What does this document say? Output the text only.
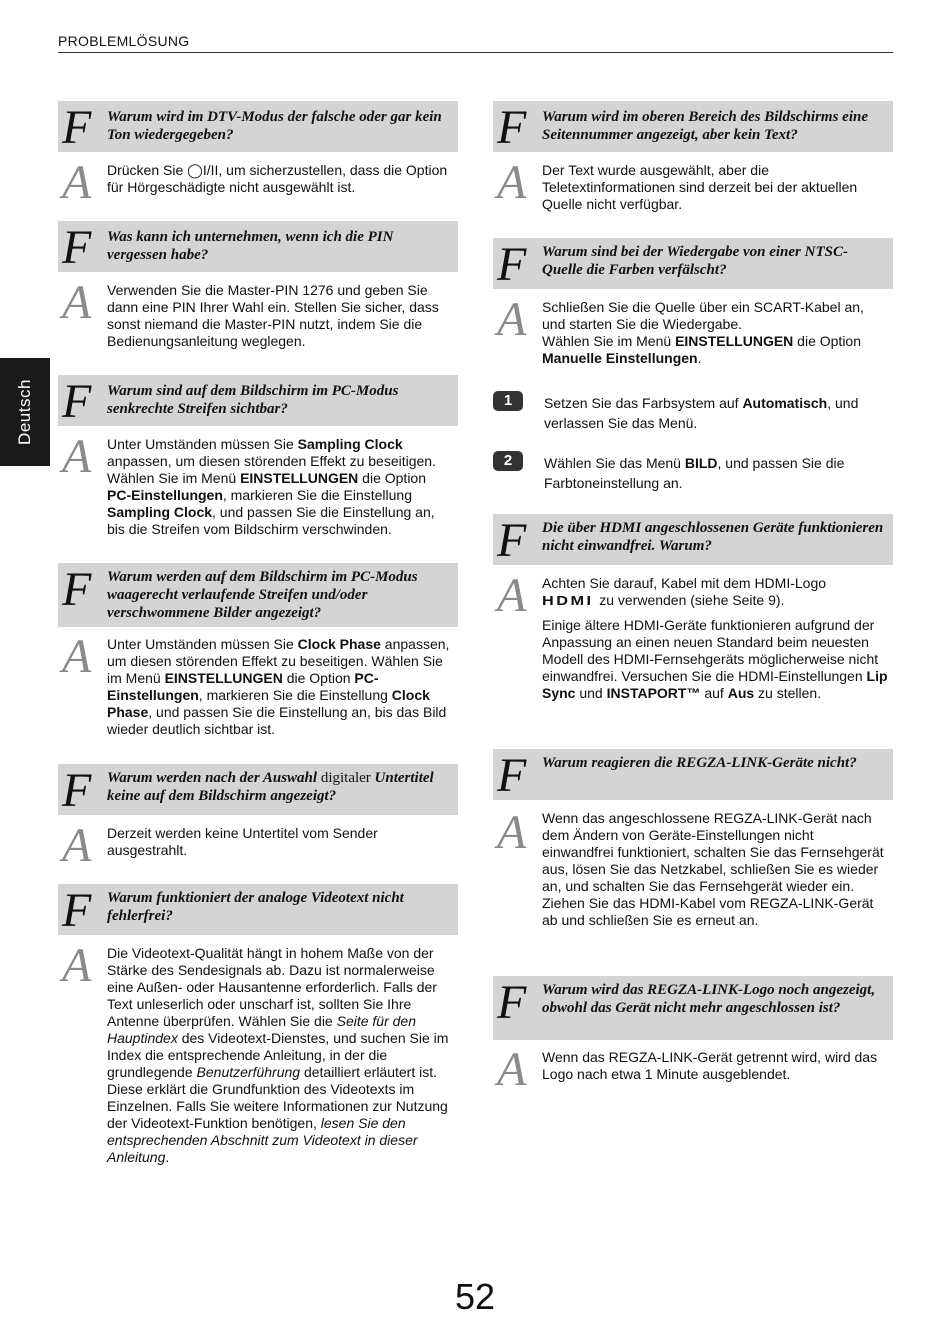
PROBLEMLÖSUNG
Deutsch
F Warum wird im DTV-Modus der falsche oder gar kein Ton wiedergegeben?
A Drücken Sie ◯I/II, um sicherzustellen, dass die Option für Hörgeschädigte nicht ausgewählt ist.
F Was kann ich unternehmen, wenn ich die PIN vergessen habe?
A Verwenden Sie die Master-PIN 1276 und geben Sie dann eine PIN Ihrer Wahl ein. Stellen Sie sicher, dass sonst niemand die Master-PIN nutzt, indem Sie die Bedienungsanleitung weglegen.
F Warum sind auf dem Bildschirm im PC-Modus senkrechte Streifen sichtbar?
A Unter Umständen müssen Sie Sampling Clock anpassen, um diesen störenden Effekt zu beseitigen. Wählen Sie im Menü EINSTELLUNGEN die Option PC-Einstellungen, markieren Sie die Einstellung Sampling Clock, und passen Sie die Einstellung an, bis die Streifen vom Bildschirm verschwinden.
F Warum werden auf dem Bildschirm im PC-Modus waagerecht verlaufende Streifen und/oder verschwommene Bilder angezeigt?
A Unter Umständen müssen Sie Clock Phase anpassen, um diesen störenden Effekt zu beseitigen. Wählen Sie im Menü EINSTELLUNGEN die Option PC-Einstellungen, markieren Sie die Einstellung Clock Phase, und passen Sie die Einstellung an, bis das Bild wieder deutlich sichtbar ist.
F Warum werden nach der Auswahl digitaler Untertitel keine auf dem Bildschirm angezeigt?
A Derzeit werden keine Untertitel vom Sender ausgestrahlt.
F Warum funktioniert der analoge Videotext nicht fehlerfrei?
A Die Videotext-Qualität hängt in hohem Maße von der Stärke des Sendesignals ab. Dazu ist normalerweise eine Außen- oder Hausantenne erforderlich. Falls der Text unleserlich oder unscharf ist, sollten Sie Ihre Antenne überprüfen. Wählen Sie die Seite für den Hauptindex des Videotext-Dienstes, und suchen Sie im Index die entsprechende Anleitung, in der die grundlegende Benutzerführung detailliert erläutert ist. Diese erklärt die Grundfunktion des Videotexts im Einzelnen. Falls Sie weitere Informationen zur Nutzung der Videotext-Funktion benötigen, lesen Sie den entsprechenden Abschnitt zum Videotext in dieser Anleitung.
F Warum wird im oberen Bereich des Bildschirms eine Seitennummer angezeigt, aber kein Text?
A Der Text wurde ausgewählt, aber die Teletextinformationen sind derzeit bei der aktuellen Quelle nicht verfügbar.
F Warum sind bei der Wiedergabe von einer NTSC-Quelle die Farben verfälscht?
A Schließen Sie die Quelle über ein SCART-Kabel an, und starten Sie die Wiedergabe.
Wählen Sie im Menü EINSTELLUNGEN die Option Manuelle Einstellungen.
1	Setzen Sie das Farbsystem auf Automatisch, und verlassen Sie das Menü.
2	Wählen Sie das Menü BILD, und passen Sie die Farbtoneinstellung an.
F Die über HDMI angeschlossenen Geräte funktionieren nicht einwandfrei. Warum?
A Achten Sie darauf, Kabel mit dem HDMI-Logo
HDMI zu verwenden (siehe Seite 9).
Einige ältere HDMI-Geräte funktionieren aufgrund der Anpassung an einen neuen Standard beim neuesten Modell des HDMI-Fernsehgeräts möglicherweise nicht einwandfrei. Versuchen Sie die HDMI-Einstellungen Lip Sync und INSTAPORT™ auf Aus zu stellen.
F Warum reagieren die REGZA-LINK-Geräte nicht?
A Wenn das angeschlossene REGZA-LINK-Gerät nach dem Ändern von Geräte-Einstellungen nicht einwandfrei funktioniert, schalten Sie das Fernsehgerät aus, lösen Sie das Netzkabel, schließen Sie es wieder an, und schalten Sie das Fernsehgerät wieder ein.
Ziehen Sie das HDMI-Kabel vom REGZA-LINK-Gerät ab und schließen Sie es erneut an.
F Warum wird das REGZA-LINK-Logo noch angezeigt, obwohl das Gerät nicht mehr angeschlossen ist?
A Wenn das REGZA-LINK-Gerät getrennt wird, wird das Logo nach etwa 1 Minute ausgeblendet.
52
